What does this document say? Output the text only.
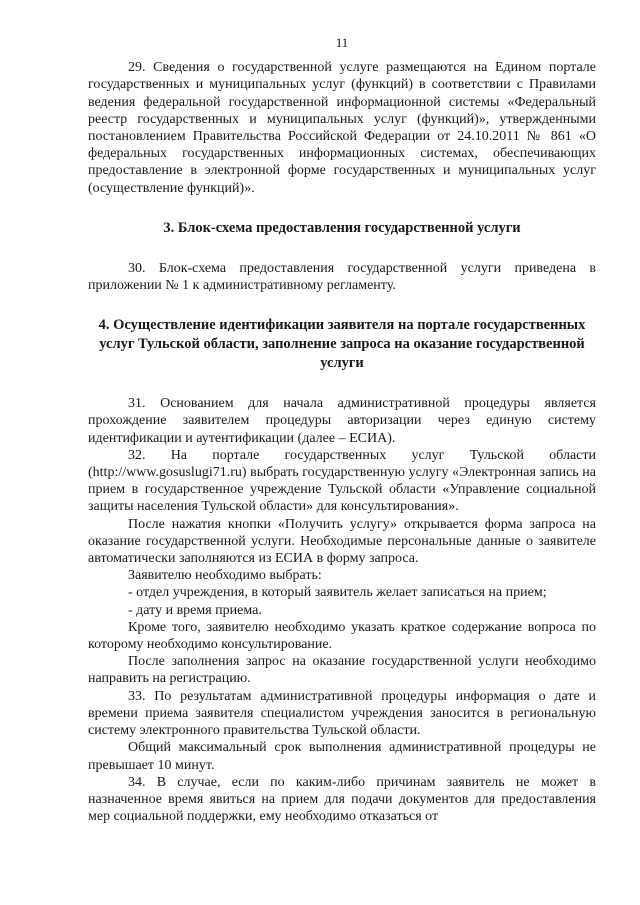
11

29. Сведения о государственной услуге размещаются на Едином портале государственных и муниципальных услуг (функций) в соответствии с Правилами ведения федеральной государственной информационной системы «Федеральный реестр государственных и муниципальных услуг (функций)», утвержденными постановлением Правительства Российской Федерации от 24.10.2011 № 861 «О федеральных государственных информационных системах, обеспечивающих предоставление в электронной форме государственных и муниципальных услуг (осуществление функций)».

3. Блок-схема предоставления государственной услуги

30. Блок-схема предоставления государственной услуги приведена в приложении № 1 к административному регламенту.

4. Осуществление идентификации заявителя на портале государственных услуг Тульской области, заполнение запроса на оказание государственной услуги

31. Основанием для начала административной процедуры является прохождение заявителем процедуры авторизации через единую систему идентификации и аутентификации (далее – ЕСИА).

32. На портале государственных услуг Тульской области (http://www.gosuslugi71.ru) выбрать государственную услугу «Электронная запись на прием в государственное учреждение Тульской области «Управление социальной защиты населения Тульской области» для консультирования».

После нажатия кнопки «Получить услугу» открывается форма запроса на оказание государственной услуги. Необходимые персональные данные о заявителе автоматически заполняются из ЕСИА в форму запроса.

Заявителю необходимо выбрать:

- отдел учреждения, в который заявитель желает записаться на прием;

- дату и время приема.

Кроме того, заявителю необходимо указать краткое содержание вопроса по которому необходимо консультирование.

После заполнения запрос на оказание государственной услуги необходимо направить на регистрацию.

33. По результатам административной процедуры информация о дате и времени приема заявителя специалистом учреждения заносится в региональную систему электронного правительства Тульской области.

Общий максимальный срок выполнения административной процедуры не превышает 10 минут.

34. В случае, если по каким-либо причинам заявитель не может в назначенное время явиться на прием для подачи документов для предоставления мер социальной поддержки, ему необходимо отказаться от
